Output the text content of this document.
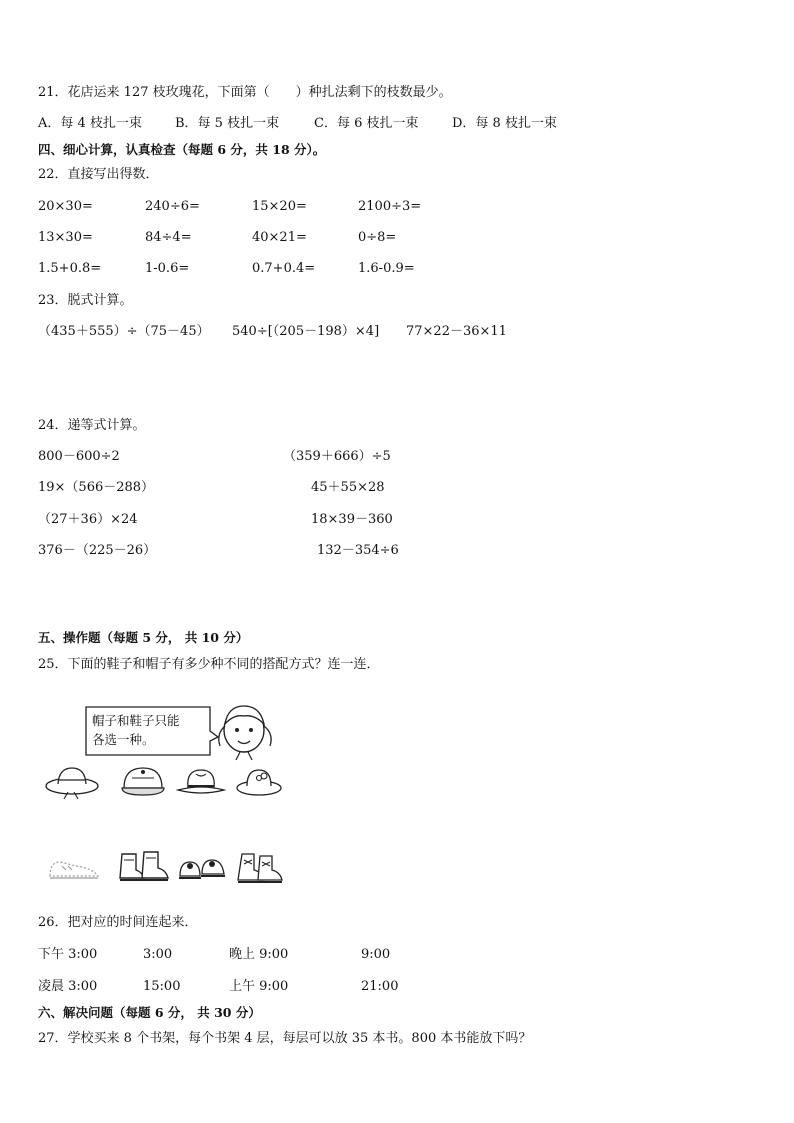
21．花店运来 127 枝玫瑰花，下面第（　　）种扎法剩下的枝数最少。
A．每 4 枝扎一束	B．每 5 枝扎一束	C．每 6 枝扎一束	D．每 8 枝扎一束
四、细心计算，认真检查（每题 6 分，共 18 分）。
22．直接写出得数．
20×30=	240÷6=	15×20=	2100÷3=
13×30=	84÷4=	40×21=	0÷8=
1.5+0.8=	1-0.6=	0.7+0.4=	1.6-0.9=
23．脱式计算。
（435＋555）÷（75－45） 540÷[（205－198）×4] 77×22－36×11
24．递等式计算。
800－600÷2	（359＋666）÷5
19×（566－288）	45＋55×28
（27＋36）×24	18×39－360
376－（225－26）	132－354÷6
五、操作题（每题 5 分， 共 10 分）
25．下面的鞋子和帽子有多少种不同的搭配方式？连一连．
帽子和鞋子只能
各选一种。
26．把对应的时间连起来．
下午 3:00	3:00	晚上 9:00	9:00
凌晨 3:00	15:00	上午 9:00	21:00
六、解决问题（每题 6 分， 共 30 分）
27．学校买来 8 个书架，每个书架 4 层，每层可以放 35 本书。800 本书能放下吗？
